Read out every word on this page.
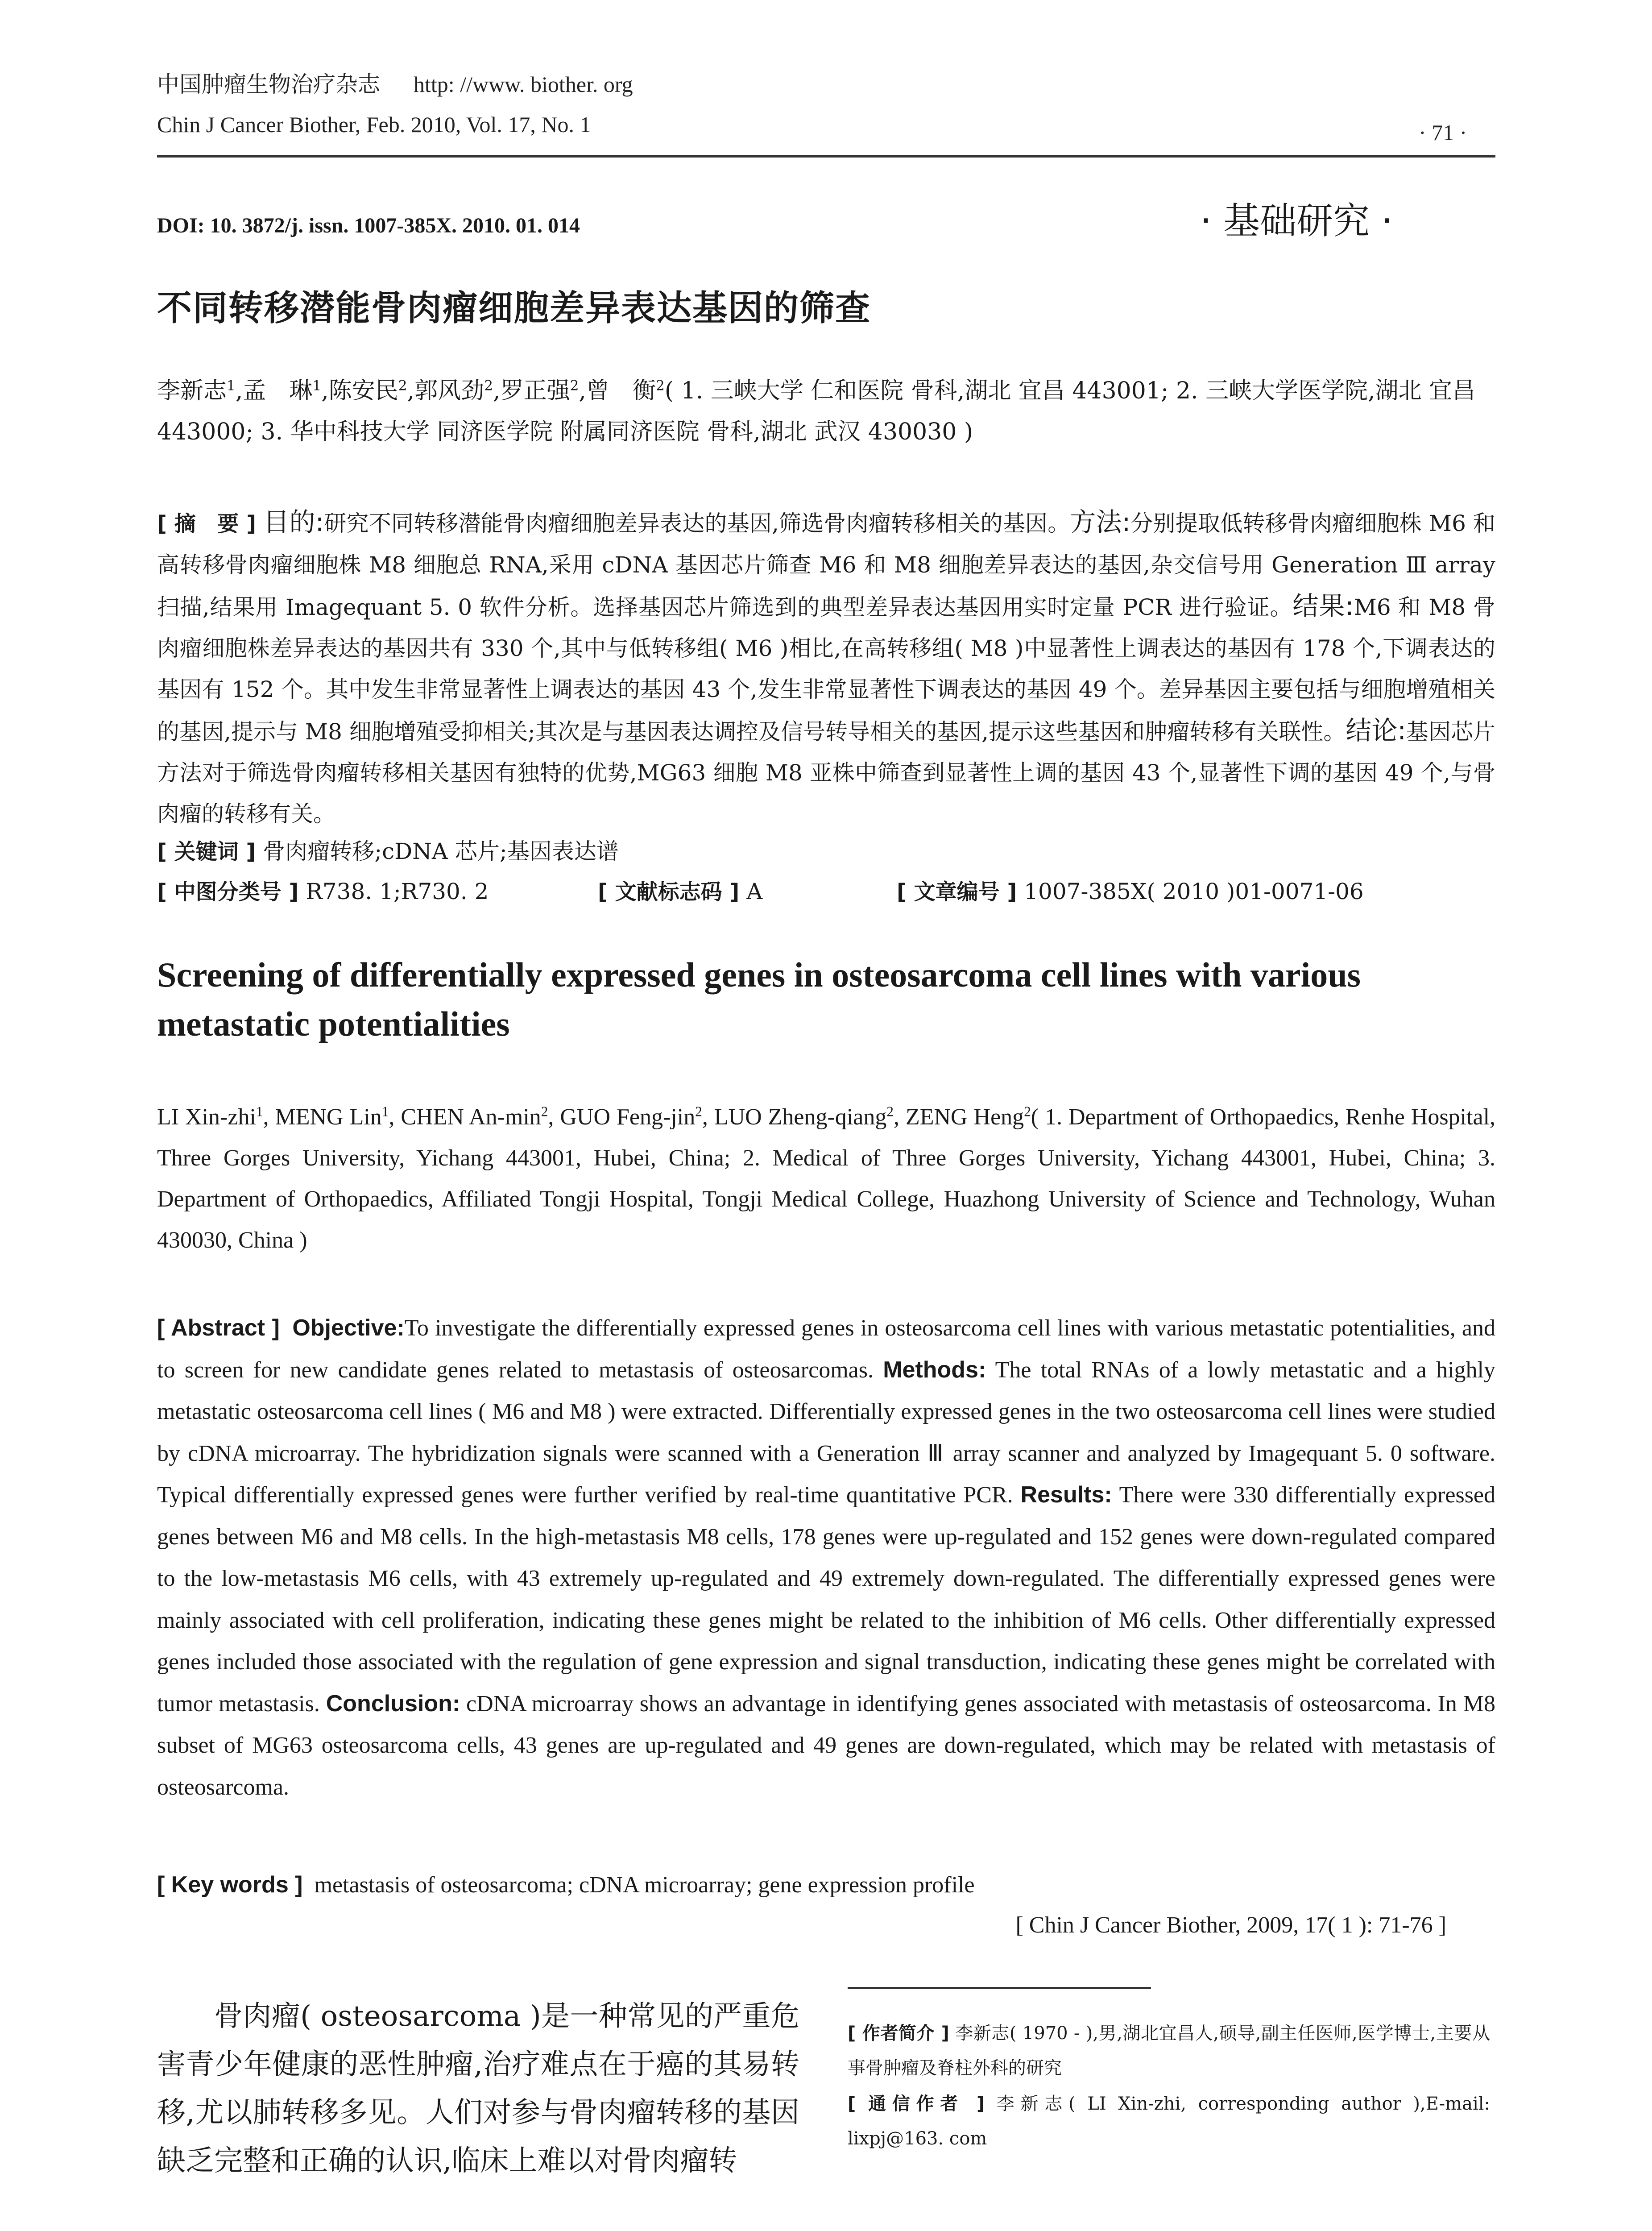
中国肿瘤生物治疗杂志 http: //www. biother. org
Chin J Cancer Biother, Feb. 2010, Vol. 17, No. 1	· 71 ·
DOI: 10. 3872/j. issn. 1007-385X. 2010. 01. 014	· 基础研究 ·
不同转移潜能骨肉瘤细胞差异表达基因的筛查
李新志$^1$,孟　琳$^1$,陈安民$^2$,郭风劲$^2$,罗正强$^2$,曾　衡$^2$( 1. 三峡大学 仁和医院 骨科,湖北 宜昌 443001; 2. 三峡大学医学院,湖北 宜昌 443000; 3. 华中科技大学 同济医学院 附属同济医院 骨科,湖北 武汉 430030 )
[ 摘　要 ] 目的:研究不同转移潜能骨肉瘤细胞差异表达的基因,筛选骨肉瘤转移相关的基因。方法:分别提取低转移骨肉瘤细胞株 M6 和高转移骨肉瘤细胞株 M8 细胞总 RNA,采用 cDNA 基因芯片筛查 M6 和 M8 细胞差异表达的基因,杂交信号用 Generation Ⅲ array 扫描,结果用 Imagequant 5. 0 软件分析。选择基因芯片筛选到的典型差异表达基因用实时定量 PCR 进行验证。结果:M6 和 M8 骨肉瘤细胞株差异表达的基因共有 330 个,其中与低转移组( M6 )相比,在高转移组( M8 )中显著性上调表达的基因有 178 个,下调表达的基因有 152 个。其中发生非常显著性上调表达的基因 43 个,发生非常显著性下调表达的基因 49 个。差异基因主要包括与细胞增殖相关的基因,提示与 M8 细胞增殖受抑相关;其次是与基因表达调控及信号转导相关的基因,提示这些基因和肿瘤转移有关联性。结论:基因芯片方法对于筛选骨肉瘤转移相关基因有独特的优势,MG63 细胞 M8 亚株中筛查到显著性上调的基因 43 个,显著性下调的基因 49 个,与骨肉瘤的转移有关。
[ 关键词 ] 骨肉瘤转移;cDNA 芯片;基因表达谱
[ 中图分类号 ] R738. 1;R730. 2	[ 文献标志码 ] A	[ 文章编号 ] 1007-385X( 2010 )01-0071-06
Screening of differentially expressed genes in osteosarcoma cell lines with various
metastatic potentialities
LI Xin-zhi$^1$, MENG Lin$^1$, CHEN $An-\min^2$, GUO Feng-jin$^2$, LUO Zheng-qiang$^2$, ZENG Heng$^2$( 1. Department of Orthopaedics, Renhe Hospital, Three Gorges University, Yichang 443001, Hubei, China; 2. Medical of Three Gorges University, Yichang 443001, Hubei, China; 3. Department of Orthopaedics, Affiliated Tongji Hospital, Tongji Medical College, Huazhong University of Science and Technology, Wuhan 430030, China )
[ Abstract ] Objective:To investigate the differentially expressed genes in osteosarcoma cell lines with various metastatic potentialities, and to screen for new candidate genes related to metastasis of osteosarcomas. Methods: The total RNAs of a lowly metastatic and a highly metastatic osteosarcoma cell lines ( M6 and M8 ) were extracted. Differentially expressed genes in the two osteosarcoma cell lines were studied by cDNA microarray. The hybridization signals were scanned with a Generation Ⅲ array scanner and analyzed by Imagequant 5. 0 software. Typical differentially expressed genes were further verified by real-time quantitative PCR. Results: There were 330 differentially expressed genes between M6 and M8 cells. In the high-metastasis M8 cells, 178 genes were up-regulated and 152 genes were down-regulated compared to the low-metastasis M6 cells, with 43 extremely up-regulated and 49 extremely down-regulated. The differentially expressed genes were mainly associated with cell proliferation, indicating these genes might be related to the inhibition of M6 cells. Other differentially expressed genes included those associated with the regulation of gene expression and signal transduction, indicating these genes might be correlated with tumor metastasis. Conclusion: cDNA microarray shows an advantage in identifying genes associated with metastasis of osteosarcoma. In M8 subset of MG63 osteosarcoma cells, 43 genes are up-regulated and 49 genes are down-regulated, which may be related with metastasis of osteosarcoma.
[ Key words ] metastasis of osteosarcoma; cDNA microarray; gene expression profile
[ Chin J Cancer Biother, 2009, 17( 1 ): 71-76 ]
骨肉瘤( osteosarcoma )是一种常见的严重危害青少年健康的恶性肿瘤,治疗难点在于癌的其易转移,尤以肺转移多见。人们对参与骨肉瘤转移的基因缺乏完整和正确的认识,临床上难以对骨肉瘤转
[ 作者简介 ] 李新志( 1970 - ),男,湖北宜昌人,硕导,副主任医师,医学博士,主要从事骨肿瘤及脊柱外科的研究
[ 通信作者 ] 李新志( LI Xin-zhi, corresponding author ),E-mail: lixpj@163. com
